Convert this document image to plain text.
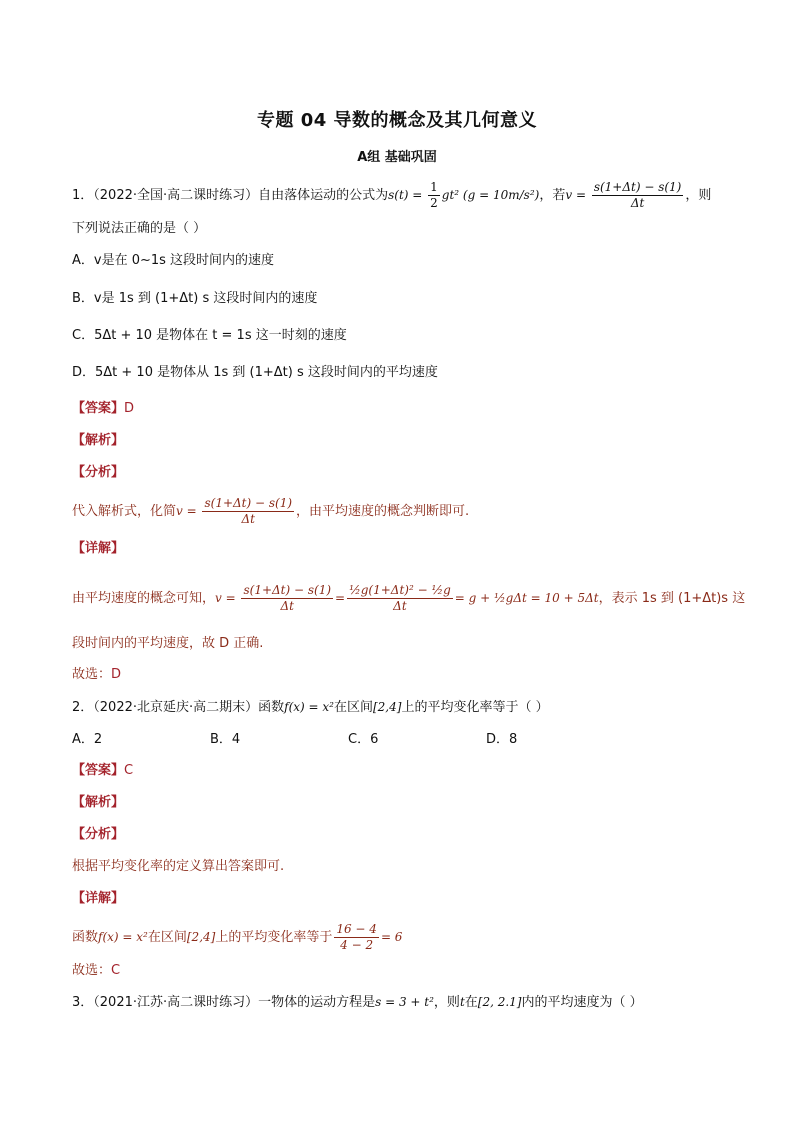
专题 04 导数的概念及其几何意义
A组 基础巩固
1．（2022·全国·高二课时练习）自由落体运动的公式为$s(t) = \frac{1}{2} gt^2$ (g = 10m/s²)，若$v = \frac{s(1+\Delta t) - s(1)}{\Delta t}$ ，则
下列说法正确的是（ ）
A．v是在 0~1s 这段时间内的速度
B．v是 1s 到 (1+Δt) s 这段时间内的速度
C．5Δt + 10 是物体在 t = 1s 这一时刻的速度
D．5Δt + 10 是物体从 1s 到 (1+Δt) s 这段时间内的平均速度
【答案】D
【解析】
【分析】
代入解析式，化简$v = \frac{s(1+\Delta t) - s(1)}{\Delta t}$ ，由平均速度的概念判断即可.
【详解】
由平均速度的概念可知，$v = \frac{s(1+\Delta t) - s(1)}{\Delta t} = \frac{\text{½g(1+Δt)² − ½g}}{\Delta t} = g$ + ½gΔt = 10 + 5Δt，表示 1s 到 (1+Δt)s 这
段时间内的平均速度，故 D 正确.
故选：D
2．（2022·北京延庆·高二期末）函数f(x) = x²在区间[2,4]上的平均变化率等于（ ）
A．2	B．4	C．6	D．8
【答案】C
【解析】
【分析】
根据平均变化率的定义算出答案即可.
【详解】
函数f(x) = x²在区间[2,4]上的平均变化率等于 $\frac{16 - 4}{4 - 2} = 6$
故选：C
3．（2021·江苏·高二课时练习）一物体的运动方程是s = 3 + t²，则t在[2, 2.1]内的平均速度为（ ）
